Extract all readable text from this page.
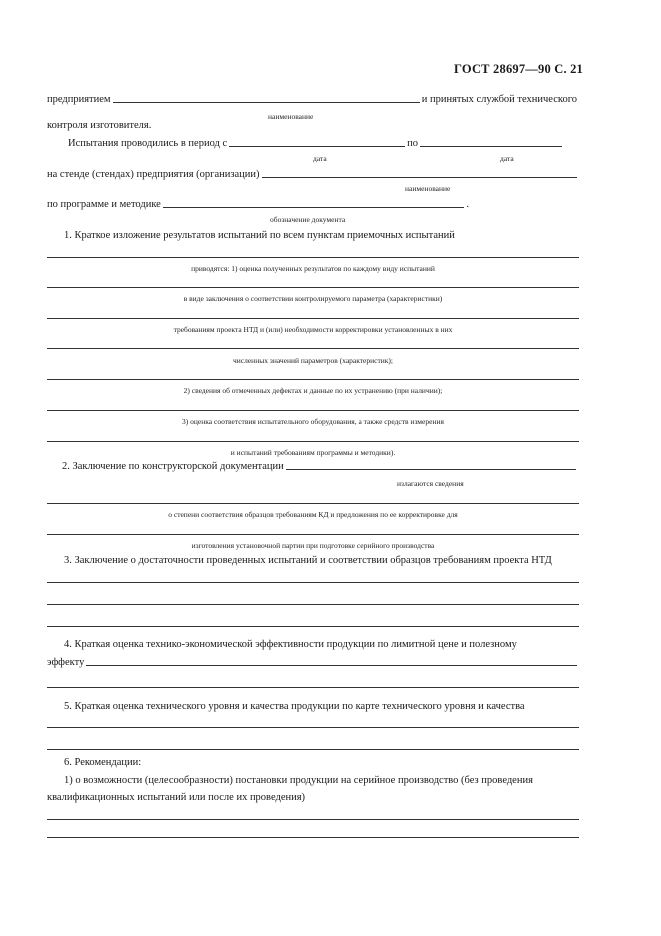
ГОСТ 28697—90 С. 21
предприятием	и принятых службой технического
наименование
контроля изготовителя.
Испытания проводились в период с	по
дата	дата
на стенде (стендах) предприятия (организации)
наименование
по программе и методике	.
обозначение документа
1. Краткое изложение результатов испытаний по всем пунктам приемочных испытаний
приводятся: 1) оценка полученных результатов по каждому виду испытаний
в виде заключения о соответствии контролируемого параметра (характеристики)
требованиям проекта НТД и (или) необходимости корректировки установленных в них
численных значений параметров (характеристик);
2) сведения об отмеченных дефектах и данные по их устранению (при наличии);
3) оценка соответствия испытательного оборудования, а также средств измерения
и испытаний требованиям программы и методики).
2. Заключение по конструкторской документации
излагаются сведения
о степени соответствия образцов требованиям КД и предложения по ее корректировке для
изготовления установочной партии при подготовке серийного производства
3. Заключение о достаточности проведенных испытаний и соответствии образцов требованиям проекта НТД
4. Краткая оценка технико-экономической эффективности продукции по лимитной цене и полезному
эффекту
5. Краткая оценка технического уровня и качества продукции по карте технического уровня и качества
6. Рекомендации:
1) о возможности (целесообразности) постановки продукции на серийное производство (без проведения
квалификационных испытаний или после их проведения)
